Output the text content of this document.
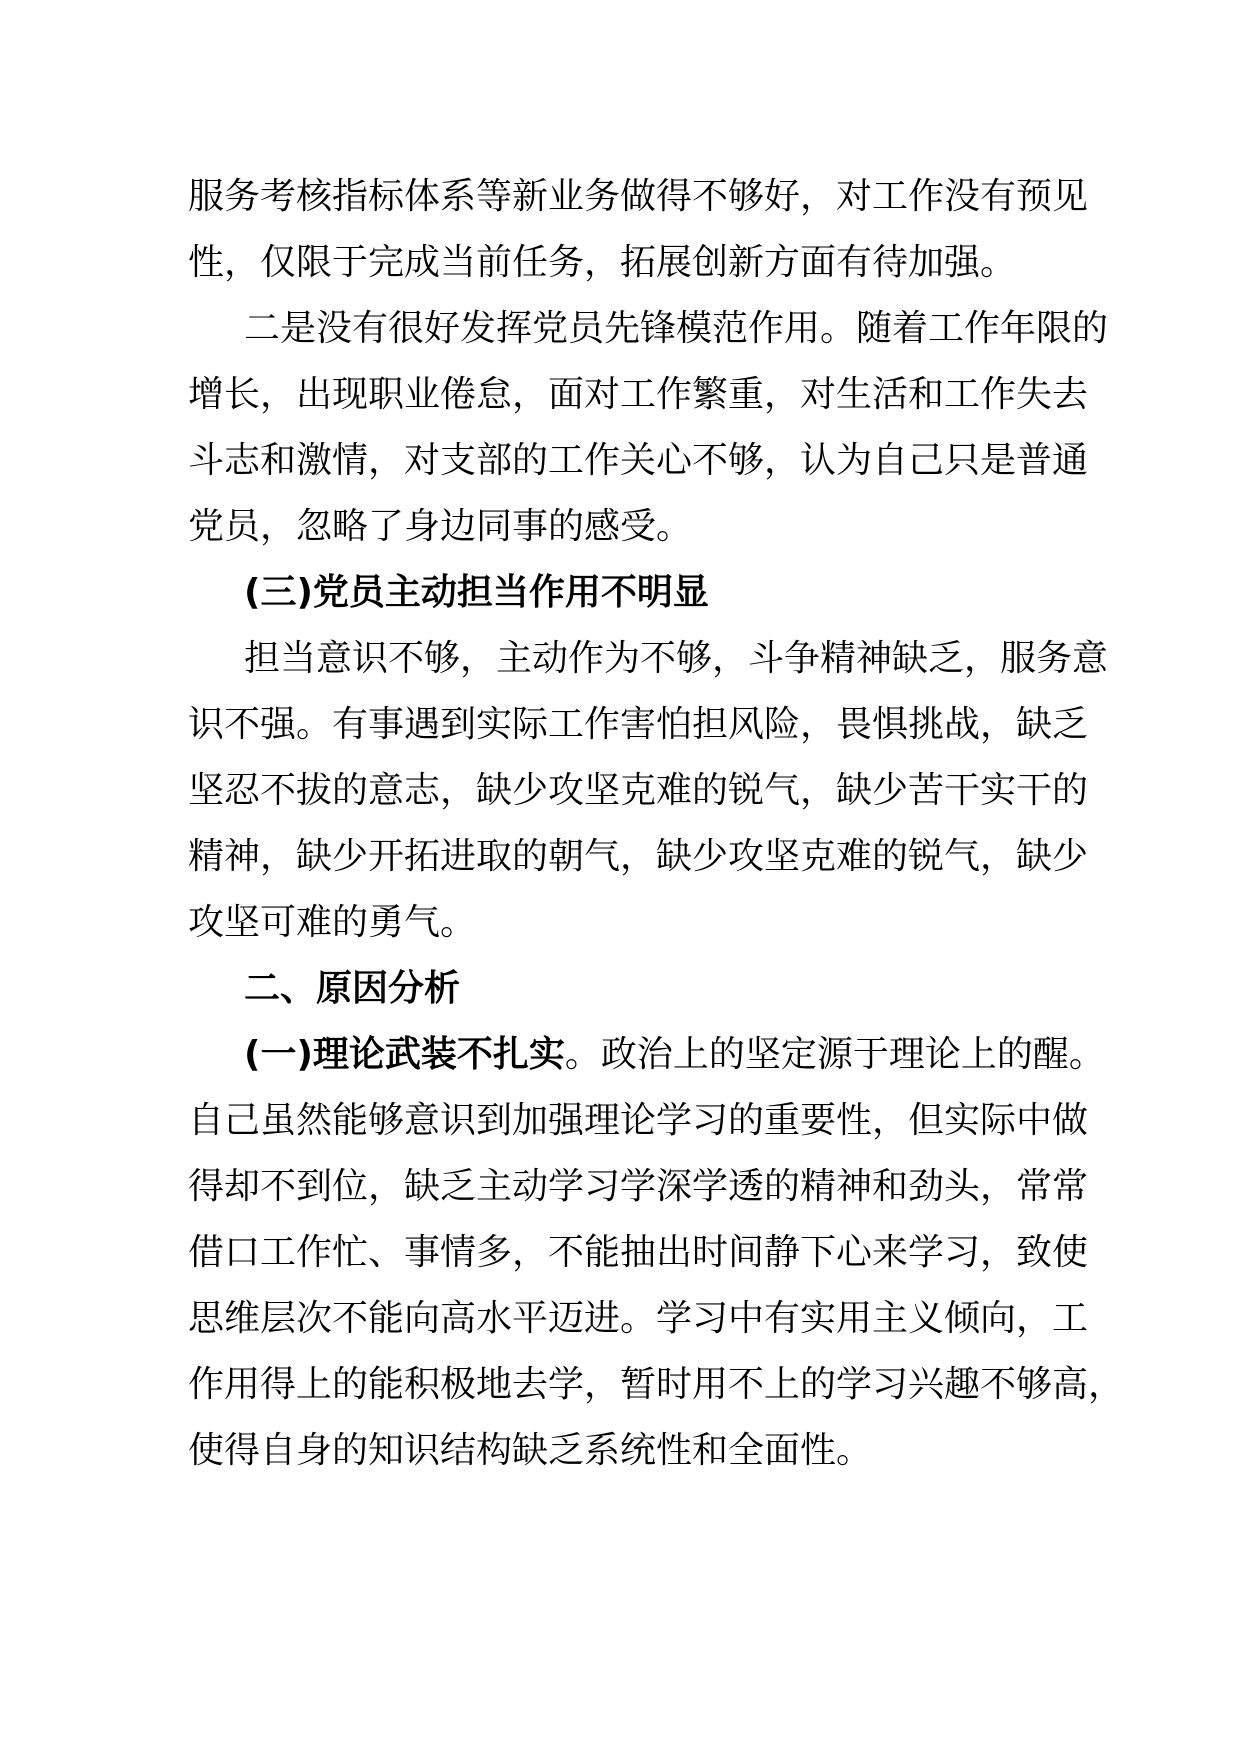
服务考核指标体系等新业务做得不够好，对工作没有预见
性，仅限于完成当前任务，拓展创新方面有待加强。

二是没有很好发挥党员先锋模范作用。随着工作年限的
增长，出现职业倦怠，面对工作繁重，对生活和工作失去
斗志和激情，对支部的工作关心不够，认为自己只是普通
党员，忽略了身边同事的感受。

(三)党员主动担当作用不明显

担当意识不够，主动作为不够，斗争精神缺乏，服务意
识不强。有事遇到实际工作害怕担风险，畏惧挑战，缺乏
坚忍不拔的意志，缺少攻坚克难的锐气，缺少苦干实干的
精神，缺少开拓进取的朝气，缺少攻坚克难的锐气，缺少
攻坚可难的勇气。

二、原因分析

(一)理论武装不扎实。政治上的坚定源于理论上的醒。
自己虽然能够意识到加强理论学习的重要性，但实际中做
得却不到位，缺乏主动学习学深学透的精神和劲头，常常
借口工作忙、事情多，不能抽出时间静下心来学习，致使
思维层次不能向高水平迈进。学习中有实用主义倾向，工
作用得上的能积极地去学，暂时用不上的学习兴趣不够高，
使得自身的知识结构缺乏系统性和全面性。
